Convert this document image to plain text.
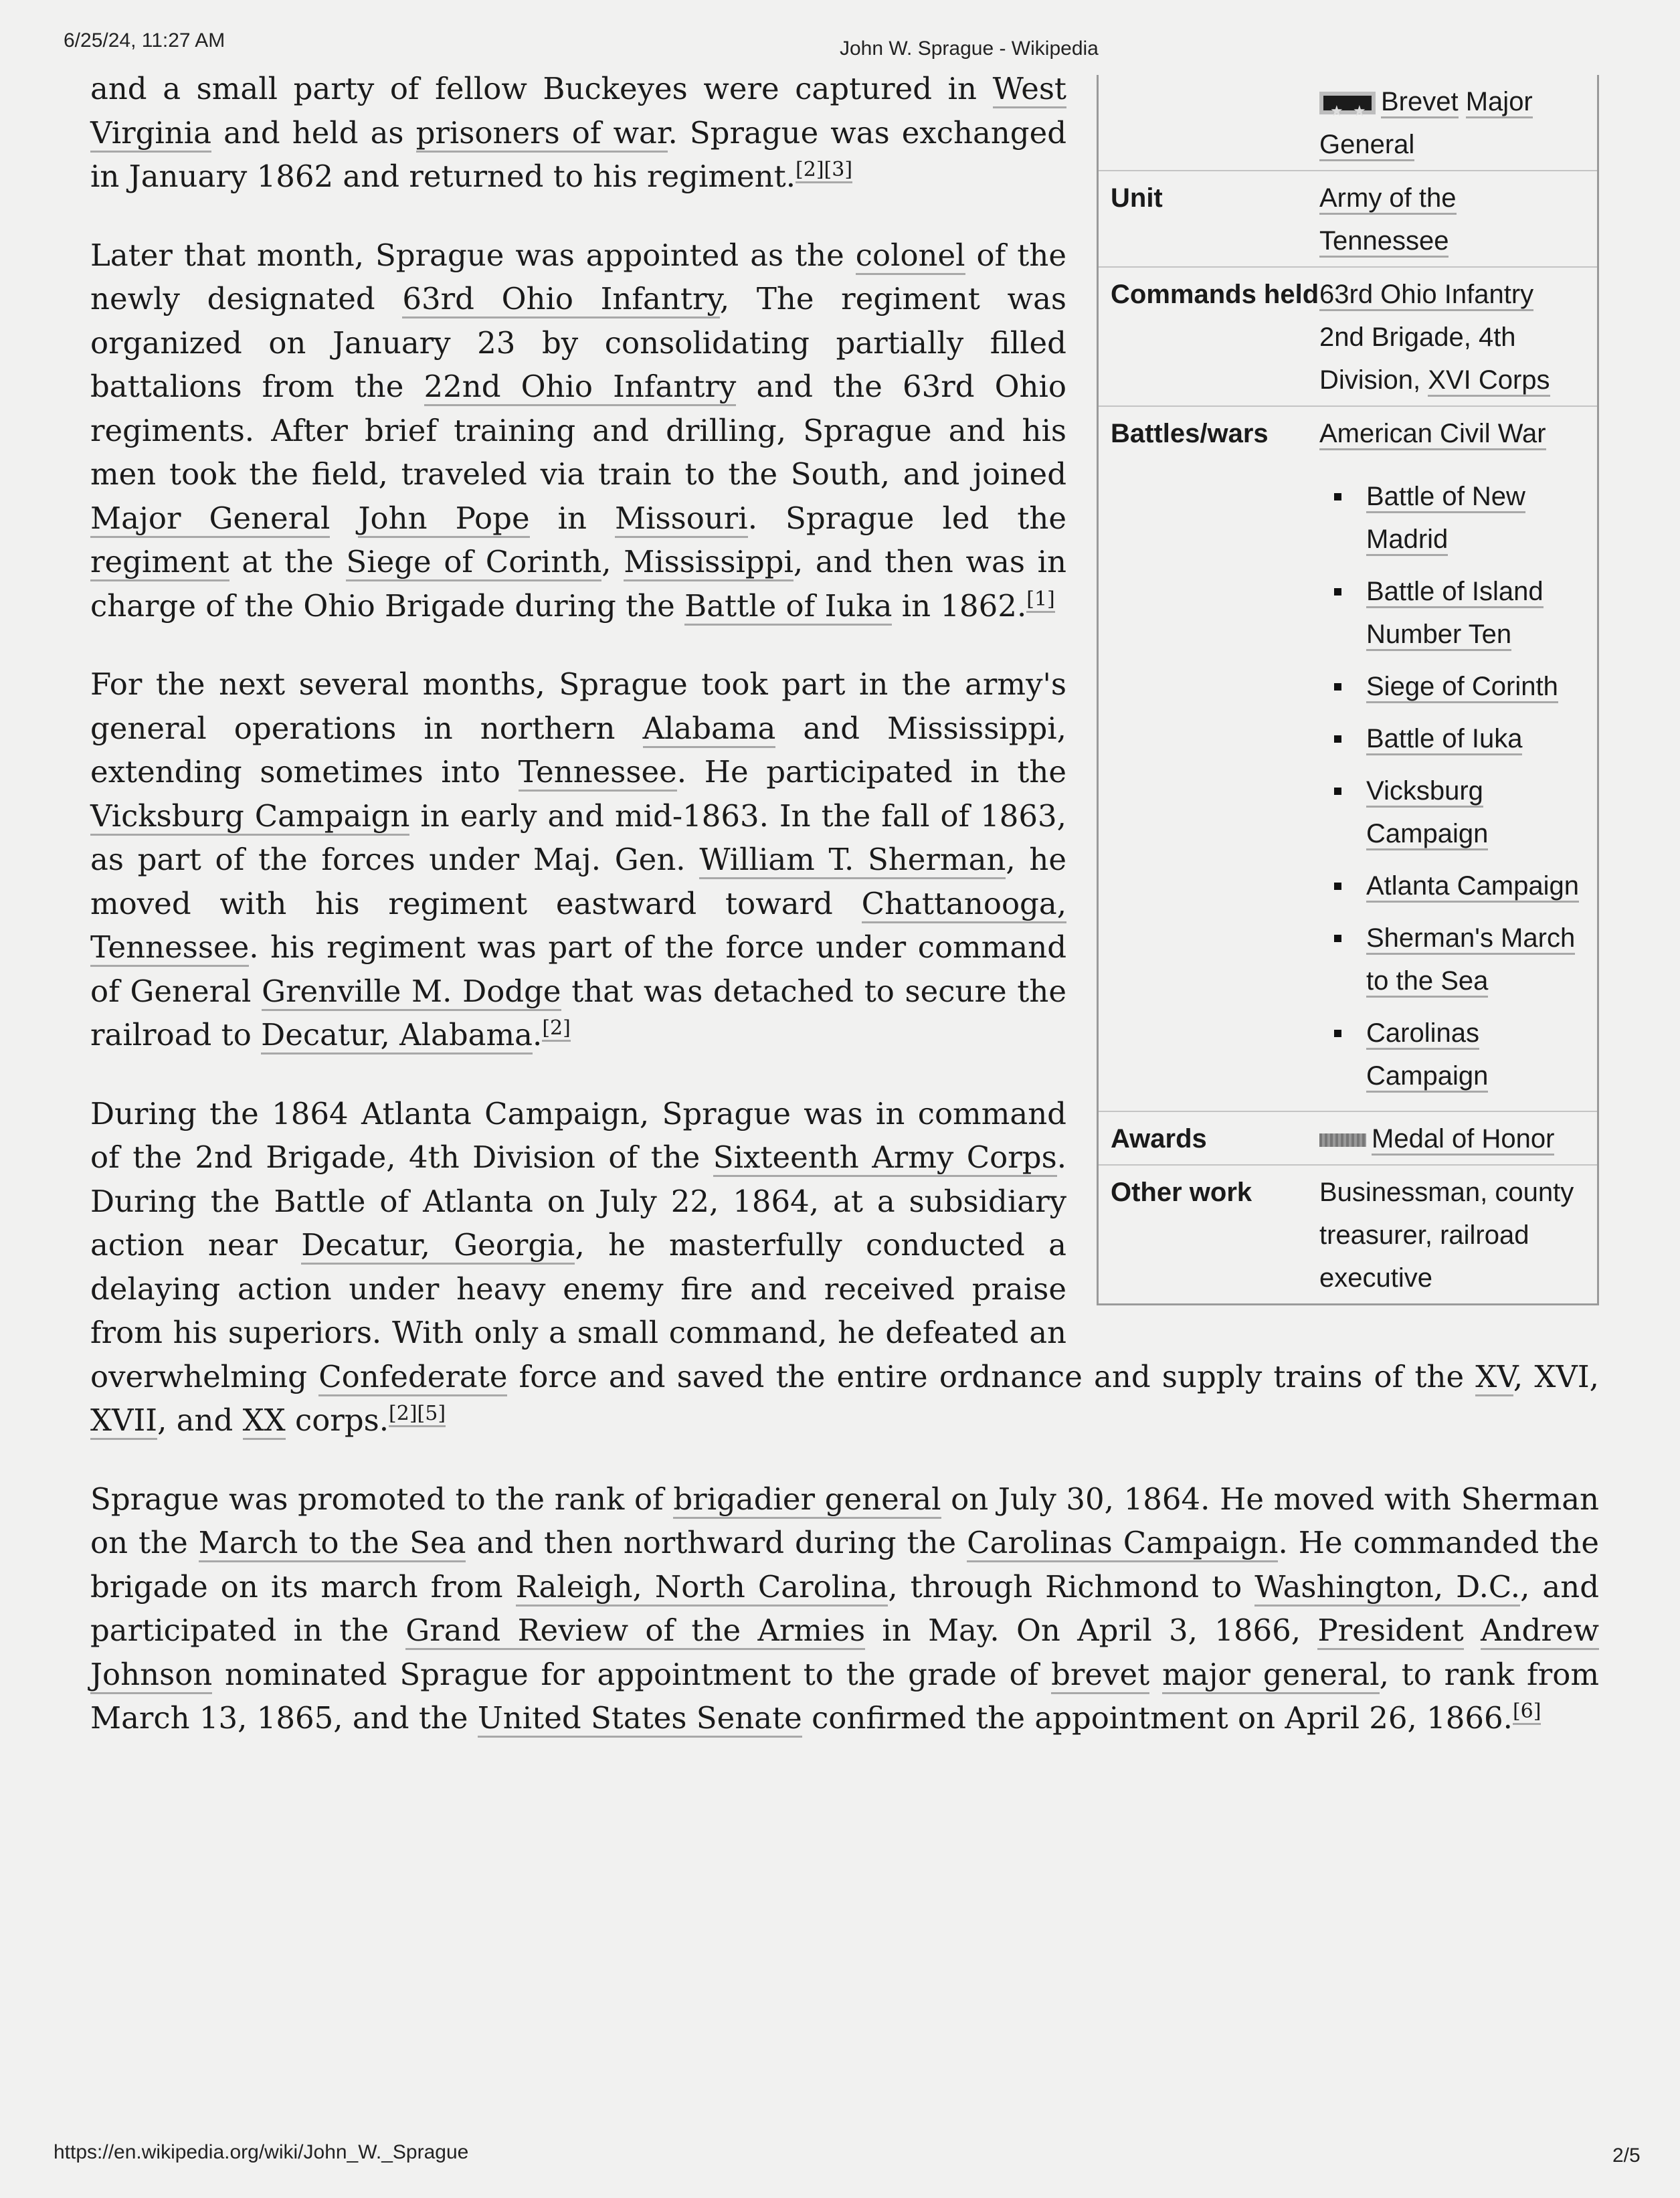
6/25/24, 11:27 AM	John W. Sprague - Wikipedia
★ ★Brevet Major
General
Unit	Army of the Tennessee
Commands held 63rd Ohio Infantry
2nd Brigade, 4th Division, XVI Corps
Battles/wars	American Civil War
Battle of New Madrid
Battle of Island Number Ten
Siege of Corinth
Battle of Iuka
Vicksburg Campaign
Atlanta Campaign
Sherman's March to the Sea
Carolinas Campaign
Awards	Medal of Honor
Other work	Businessman, county treasurer, railroad executive

and a small party of fellow Buckeyes were captured in West Virginia and held as prisoners of war. Sprague was exchanged in January 1862 and returned to his regiment.[2][3]

Later that month, Sprague was appointed as the colonel of the newly designated 63rd Ohio Infantry, The regiment was organized on January 23 by consolidating partially filled battalions from the 22nd Ohio Infantry and the 63rd Ohio regiments. After brief training and drilling, Sprague and his men took the field, traveled via train to the South, and joined Major General John Pope in Missouri. Sprague led the regiment at the Siege of Corinth, Mississippi, and then was in charge of the Ohio Brigade during the Battle of Iuka in 1862.[1]

For the next several months, Sprague took part in the army's general operations in northern Alabama and Mississippi, extending sometimes into Tennessee. He participated in the Vicksburg Campaign in early and mid-1863. In the fall of 1863, as part of the forces under Maj. Gen. William T. Sherman, he moved with his regiment eastward toward Chattanooga, Tennessee. his regiment was part of the force under command of General Grenville M. Dodge that was detached to secure the railroad to Decatur, Alabama.[2]

During the 1864 Atlanta Campaign, Sprague was in command of the 2nd Brigade, 4th Division of the Sixteenth Army Corps. During the Battle of Atlanta on July 22, 1864, at a subsidiary action near Decatur, Georgia, he masterfully conducted a delaying action under heavy enemy fire and received praise from his superiors. With only a small command, he defeated an overwhelming Confederate force and saved the entire ordnance and supply trains of the XV, XVI, XVII, and XX corps.[2][5]

Sprague was promoted to the rank of brigadier general on July 30, 1864. He moved with Sherman on the March to the Sea and then northward during the Carolinas Campaign. He commanded the brigade on its march from Raleigh, North Carolina, through Richmond to Washington, D.C., and participated in the Grand Review of the Armies in May. On April 3, 1866, President Andrew Johnson nominated Sprague for appointment to the grade of brevet major general, to rank from March 13, 1865, and the United States Senate confirmed the appointment on April 26, 1866.[6]

https://en.wikipedia.org/wiki/John_W._Sprague	2/5
